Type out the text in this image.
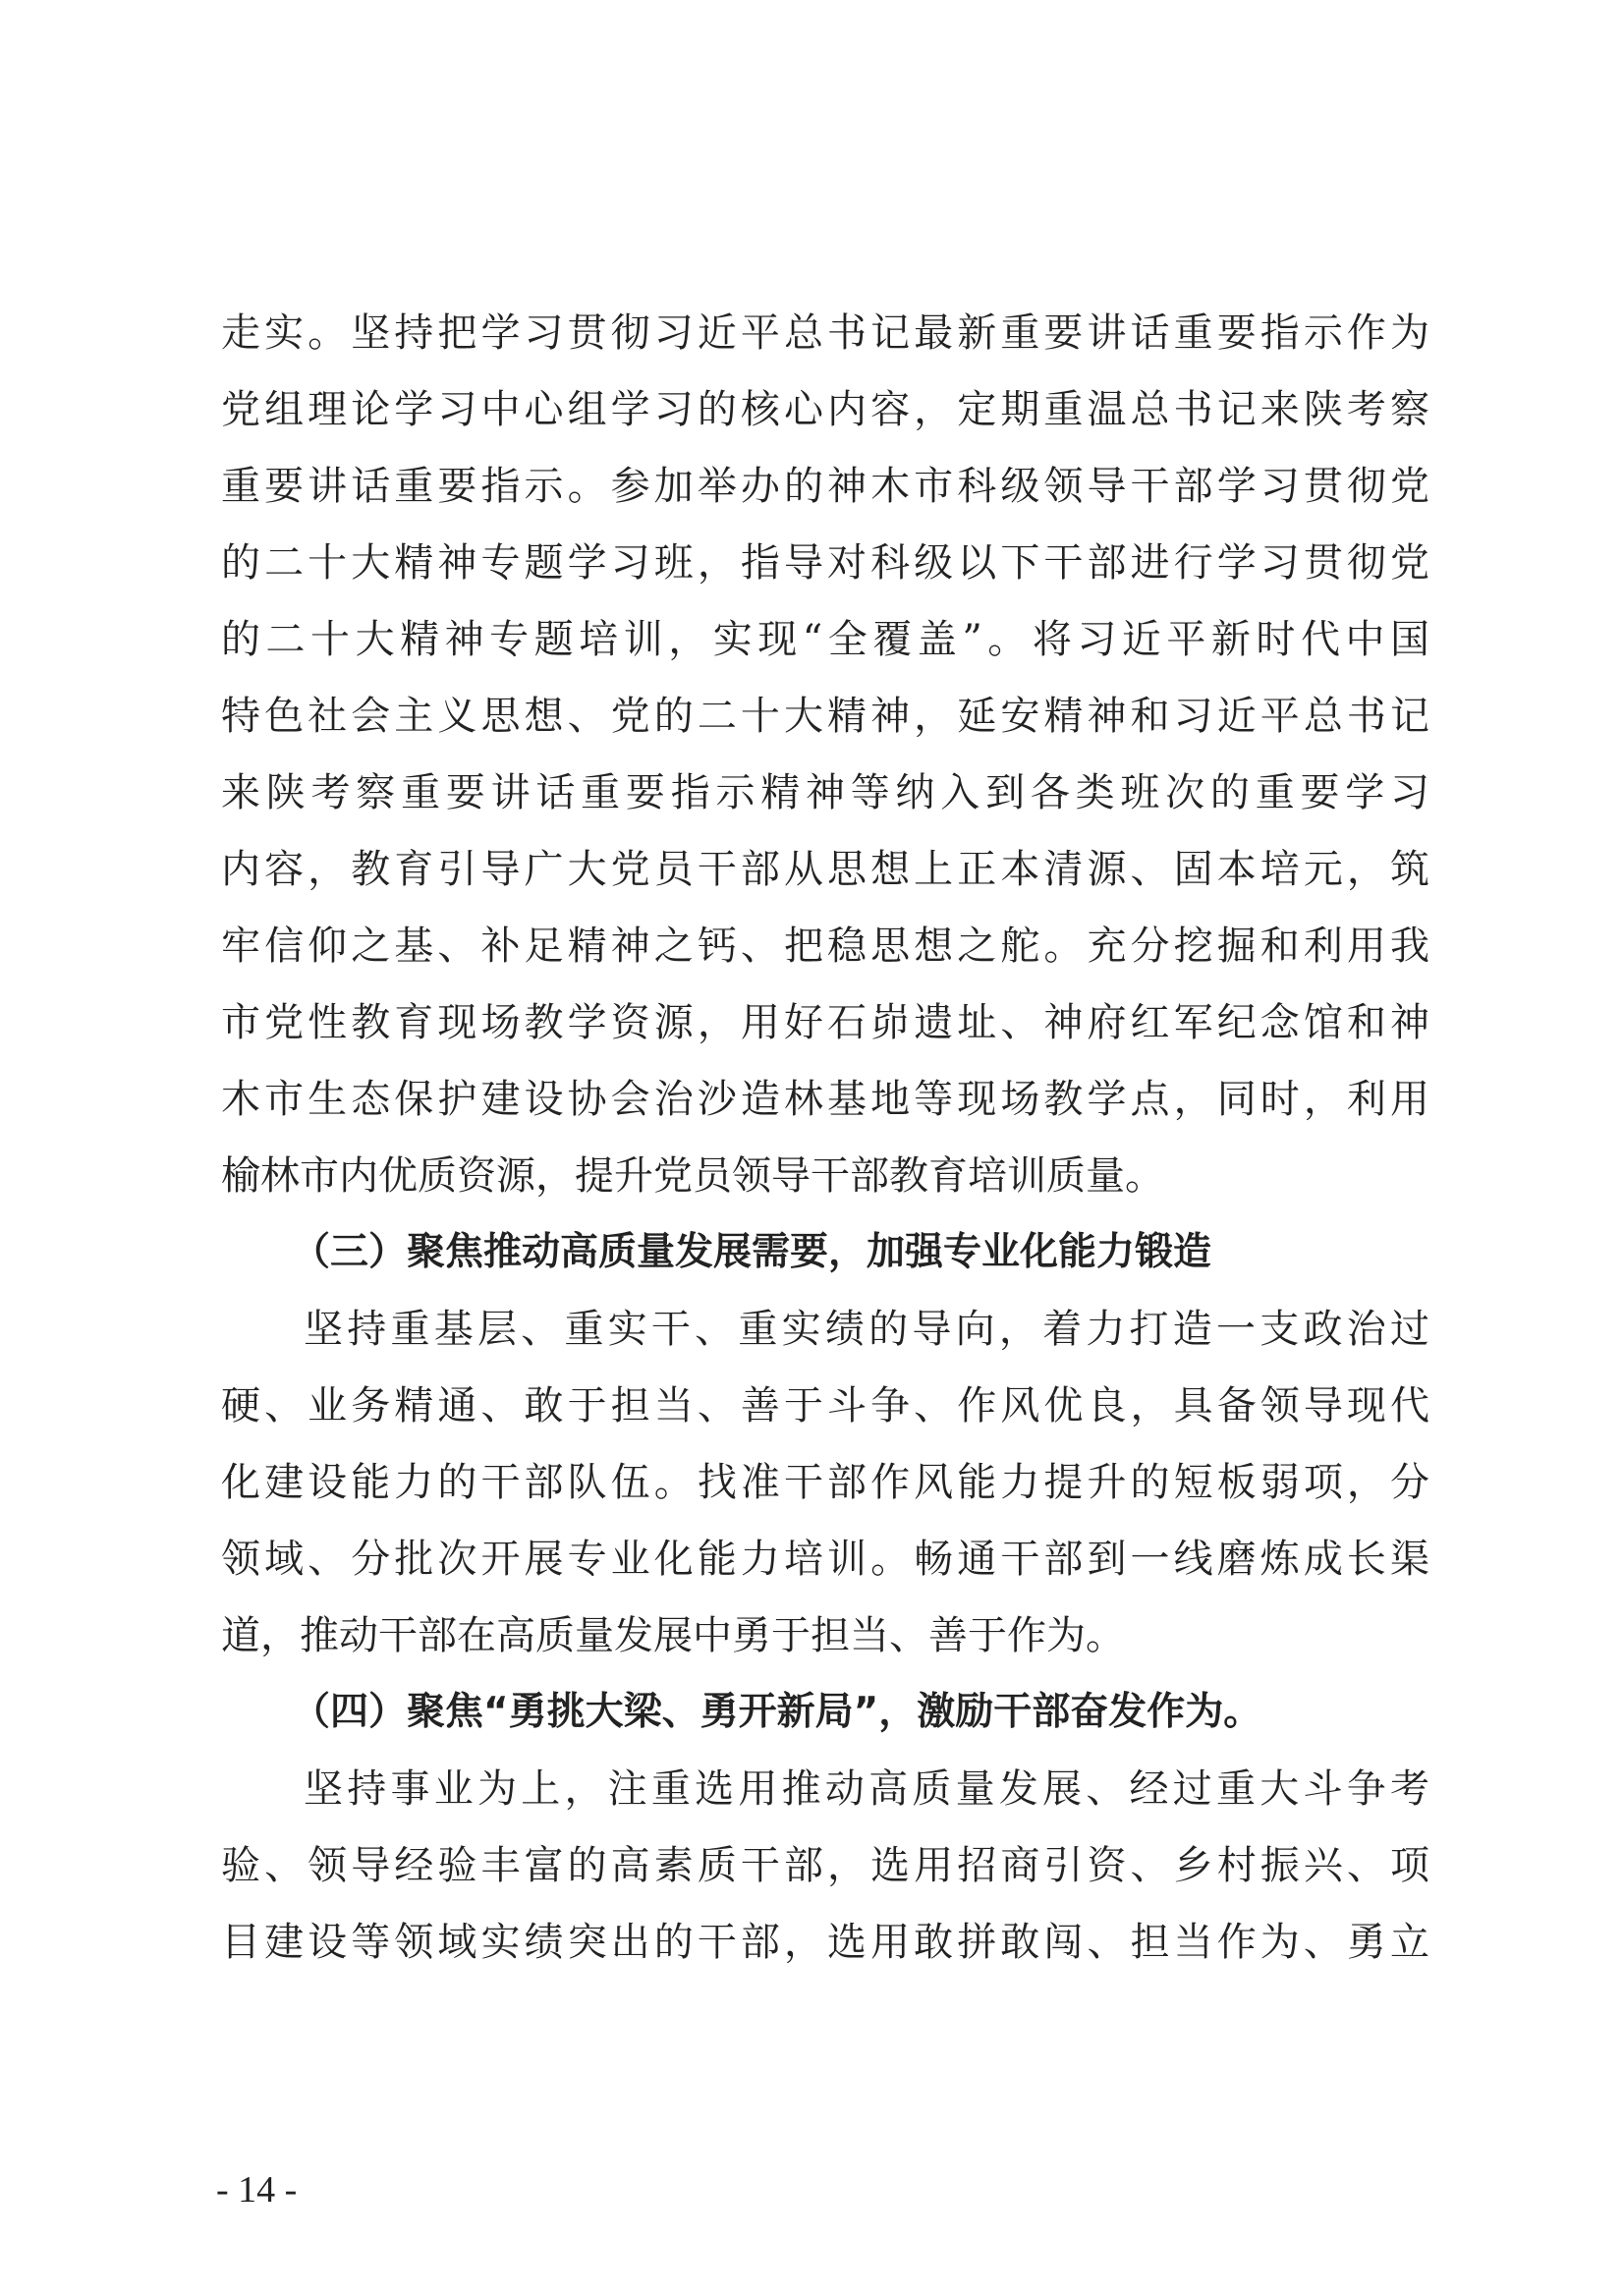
走实。坚持把学习贯彻习近平总书记最新重要讲话重要指示作为
党组理论学习中心组学习的核心内容，定期重温总书记来陕考察
重要讲话重要指示。参加举办的神木市科级领导干部学习贯彻党
的二十大精神专题学习班，指导对科级以下干部进行学习贯彻党
的二十大精神专题培训，实现“全覆盖”。将习近平新时代中国
特色社会主义思想、党的二十大精神，延安精神和习近平总书记
来陕考察重要讲话重要指示精神等纳入到各类班次的重要学习
内容，教育引导广大党员干部从思想上正本清源、固本培元，筑
牢信仰之基、补足精神之钙、把稳思想之舵。充分挖掘和利用我
市党性教育现场教学资源，用好石峁遗址、神府红军纪念馆和神
木市生态保护建设协会治沙造林基地等现场教学点，同时，利用
榆林市内优质资源，提升党员领导干部教育培训质量。
（三）聚焦推动高质量发展需要，加强专业化能力锻造
坚持重基层、重实干、重实绩的导向，着力打造一支政治过
硬、业务精通、敢于担当、善于斗争、作风优良，具备领导现代
化建设能力的干部队伍。找准干部作风能力提升的短板弱项，分
领域、分批次开展专业化能力培训。畅通干部到一线磨炼成长渠
道，推动干部在高质量发展中勇于担当、善于作为。
（四）聚焦“勇挑大梁、勇开新局”，激励干部奋发作为。
坚持事业为上，注重选用推动高质量发展、经过重大斗争考
验、领导经验丰富的高素质干部，选用招商引资、乡村振兴、项
目建设等领域实绩突出的干部，选用敢拼敢闯、担当作为、勇立
- 14 -
